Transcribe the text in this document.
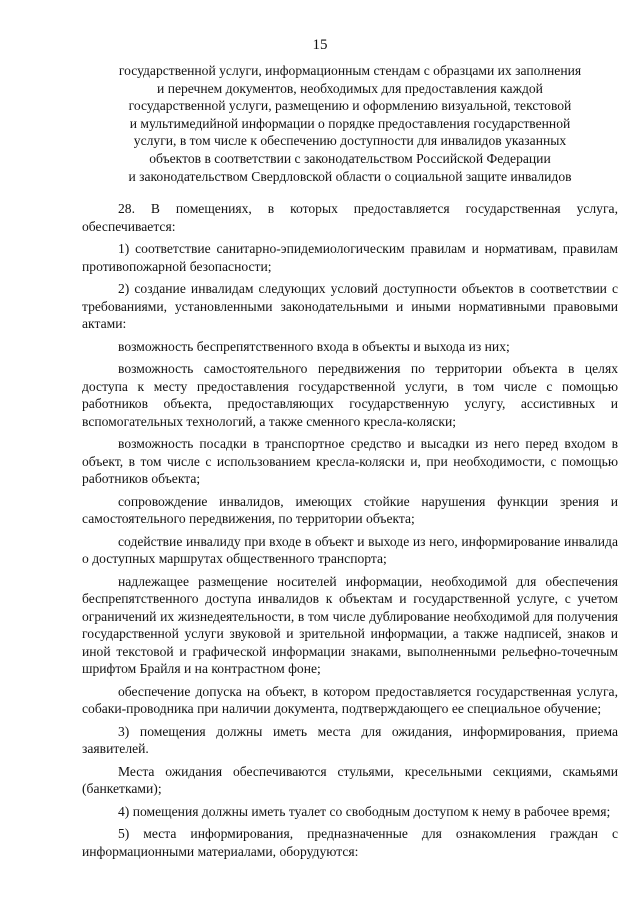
15
государственной услуги, информационным стендам с образцами их заполнения
и перечнем документов, необходимых для предоставления каждой
государственной услуги, размещению и оформлению визуальной, текстовой
и мультимедийной информации о порядке предоставления государственной
услуги, в том числе к обеспечению доступности для инвалидов указанных
объектов в соответствии с законодательством Российской Федерации
и законодательством Свердловской области о социальной защите инвалидов

28. В помещениях, в которых предоставляется государственная услуга, обеспечивается:

1) соответствие санитарно-эпидемиологическим правилам и нормативам, правилам противопожарной безопасности;

2) создание инвалидам следующих условий доступности объектов в соответствии с требованиями, установленными законодательными и иными нормативными правовыми актами:

возможность беспрепятственного входа в объекты и выхода из них;

возможность самостоятельного передвижения по территории объекта в целях доступа к месту предоставления государственной услуги, в том числе с помощью работников объекта, предоставляющих государственную услугу, ассистивных и вспомогательных технологий, а также сменного кресла-коляски;

возможность посадки в транспортное средство и высадки из него перед входом в объект, в том числе с использованием кресла-коляски и, при необходимости, с помощью работников объекта;

сопровождение инвалидов, имеющих стойкие нарушения функции зрения и самостоятельного передвижения, по территории объекта;

содействие инвалиду при входе в объект и выходе из него, информирование инвалида о доступных маршрутах общественного транспорта;

надлежащее размещение носителей информации, необходимой для обеспечения беспрепятственного доступа инвалидов к объектам и государственной услуге, с учетом ограничений их жизнедеятельности, в том числе дублирование необходимой для получения государственной услуги звуковой и зрительной информации, а также надписей, знаков и иной текстовой и графической информации знаками, выполненными рельефно-точечным шрифтом Брайля и на контрастном фоне;

обеспечение допуска на объект, в котором предоставляется государственная услуга, собаки-проводника при наличии документа, подтверждающего ее специальное обучение;

3) помещения должны иметь места для ожидания, информирования, приема заявителей.

Места ожидания обеспечиваются стульями, кресельными секциями, скамьями (банкетками);

4) помещения должны иметь туалет со свободным доступом к нему в рабочее время;

5) места информирования, предназначенные для ознакомления граждан с информационными материалами, оборудуются:
